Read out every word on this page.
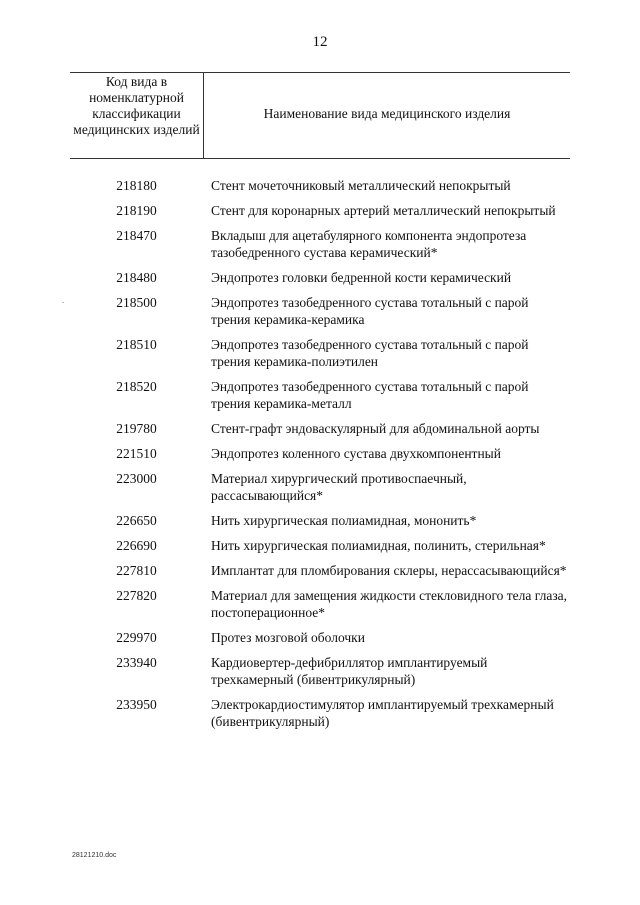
12
Код вида в номенклатурной классификации медицинских изделий
Наименование вида медицинского изделия
-
218180	Стент мочеточниковый металлический непокрытый
218190	Стент для коронарных артерий металлический непокрытый
218470	Вкладыш для ацетабулярного компонента эндопротеза тазобедренного сустава керамический*
218480	Эндопротез головки бедренной кости керамический
218500	Эндопротез тазобедренного сустава тотальный с парой трения керамика-керамика
218510	Эндопротез тазобедренного сустава тотальный с парой трения керамика-полиэтилен
218520	Эндопротез тазобедренного сустава тотальный с парой трения керамика-металл
219780	Стент-графт эндоваскулярный для абдоминальной аорты
221510	Эндопротез коленного сустава двухкомпонентный
223000	Материал хирургический противоспаечный, рассасывающийся*
226650	Нить хирургическая полиамидная, мононить*
226690	Нить хирургическая полиамидная, полинить, стерильная*
227810	Имплантат для пломбирования склеры, нерассасывающийся*
227820	Материал для замещения жидкости стекловидного тела глаза, постоперационное*
229970	Протез мозговой оболочки
233940	Кардиовертер-дефибриллятор имплантируемый трехкамерный (бивентрикулярный)
233950	Электрокардиостимулятор имплантируемый трехкамерный (бивентрикулярный)
28121210.doc
